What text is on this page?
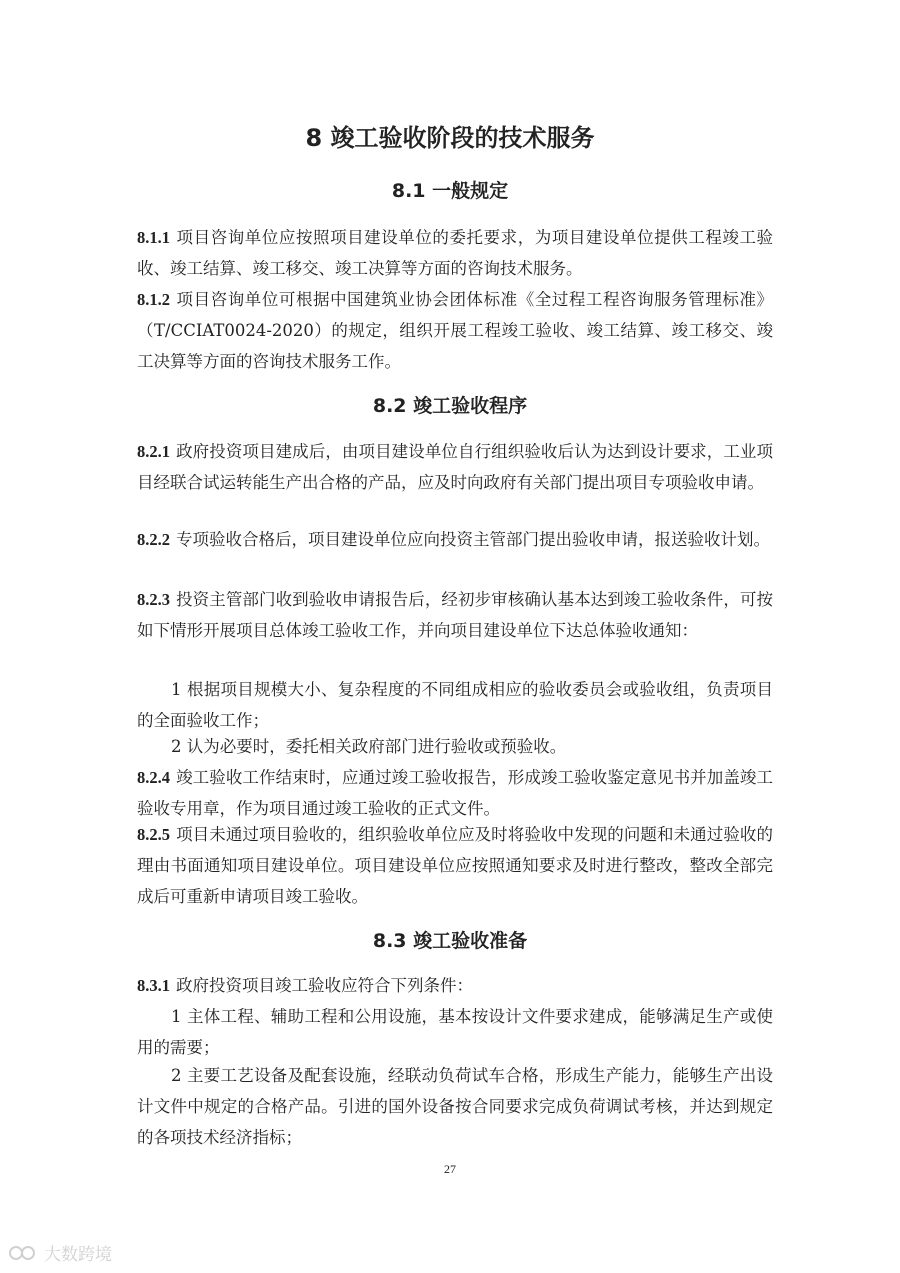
8 竣工验收阶段的技术服务
8.1 一般规定

8.1.1 项目咨询单位应按照项目建设单位的委托要求，为项目建设单位提供工程竣工验收、竣工结算、竣工移交、竣工决算等方面的咨询技术服务。

8.1.2 项目咨询单位可根据中国建筑业协会团体标准《全过程工程咨询服务管理标准》（T/CCIAT0024-2020）的规定，组织开展工程竣工验收、竣工结算、竣工移交、竣工决算等方面的咨询技术服务工作。

8.2 竣工验收程序

8.2.1 政府投资项目建成后，由项目建设单位自行组织验收后认为达到设计要求，工业项目经联合试运转能生产出合格的产品，应及时向政府有关部门提出项目专项验收申请。

8.2.2 专项验收合格后，项目建设单位应向投资主管部门提出验收申请，报送验收计划。

8.2.3 投资主管部门收到验收申请报告后，经初步审核确认基本达到竣工验收条件，可按如下情形开展项目总体竣工验收工作，并向项目建设单位下达总体验收通知：

1 根据项目规模大小、复杂程度的不同组成相应的验收委员会或验收组，负责项目的全面验收工作；

2 认为必要时，委托相关政府部门进行验收或预验收。

8.2.4 竣工验收工作结束时，应通过竣工验收报告，形成竣工验收鉴定意见书并加盖竣工验收专用章，作为项目通过竣工验收的正式文件。

8.2.5 项目未通过项目验收的，组织验收单位应及时将验收中发现的问题和未通过验收的理由书面通知项目建设单位。项目建设单位应按照通知要求及时进行整改，整改全部完成后可重新申请项目竣工验收。

8.3 竣工验收准备

8.3.1 政府投资项目竣工验收应符合下列条件：

1 主体工程、辅助工程和公用设施，基本按设计文件要求建成，能够满足生产或使用的需要；

2 主要工艺设备及配套设施，经联动负荷试车合格，形成生产能力，能够生产出设计文件中规定的合格产品。引进的国外设备按合同要求完成负荷调试考核，并达到规定的各项技术经济指标；

27
大数跨境
